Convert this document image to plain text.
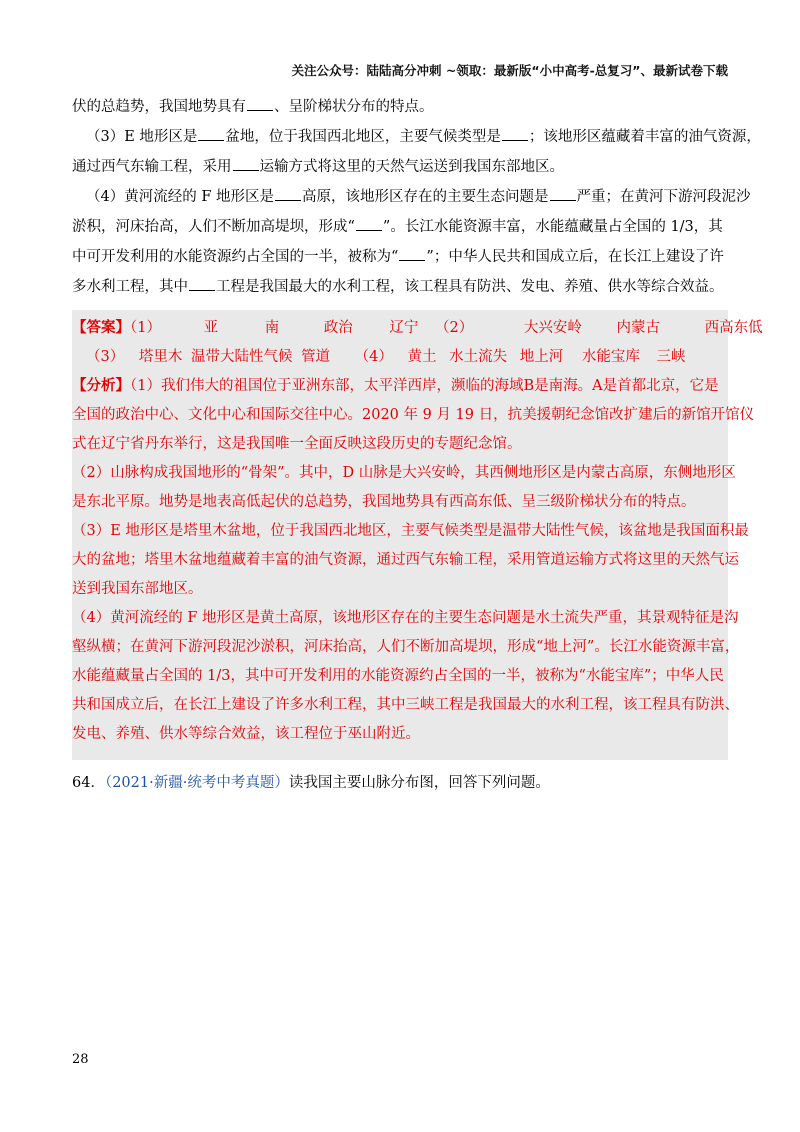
关注公众号：陆陆高分冲刺 ~领取：最新版“小中高考-总复习”、最新试卷下载
伏的总趋势，我国地势具有 、呈阶梯状分布的特点。
（3）E 地形区是 盆地，位于我国西北地区，主要气候类型是 ；该地形区蕴藏着丰富的油气资源，
通过西气东输工程，采用 运输方式将这里的天然气运送到我国东部地区。
（4）黄河流经的 F 地形区是 高原，该地形区存在的主要生态问题是 严重；在黄河下游河段泥沙
淤积，河床抬高，人们不断加高堤坝，形成“ ”。长江水能资源丰富，水能蕴藏量占全国的 1/3，其
中可开发利用的水能资源约占全国的一半，被称为“ ”；中华人民共和国成立后，在长江上建设了许
多水利工程，其中 工程是我国最大的水利工程，该工程具有防洪、发电、养殖、供水等综合效益。
【答案】（1）	亚	南	政治	辽宁 （2）	大兴安岭 内蒙古	西高东低
（3） 塔里木 温带大陆性气候 管道 （4） 黄土 水土流失 地上河 水能宝库 三峡
【分析】（1）我们伟大的祖国位于亚洲东部，太平洋西岸，濒临的海域B是南海。A是首都北京，它是
全国的政治中心、文化中心和国际交往中心。2020 年 9 月 19 日，抗美援朝纪念馆改扩建后的新馆开馆仪
式在辽宁省丹东举行，这是我国唯一全面反映这段历史的专题纪念馆。
（2）山脉构成我国地形的“骨架”。其中，D 山脉是大兴安岭，其西侧地形区是内蒙古高原，东侧地形区
是东北平原。地势是地表高低起伏的总趋势，我国地势具有西高东低、呈三级阶梯状分布的特点。
（3）E 地形区是塔里木盆地，位于我国西北地区，主要气候类型是温带大陆性气候，该盆地是我国面积最
大的盆地；塔里木盆地蕴藏着丰富的油气资源，通过西气东输工程，采用管道运输方式将这里的天然气运
送到我国东部地区。
（4）黄河流经的 F 地形区是黄土高原，该地形区存在的主要生态问题是水土流失严重，其景观特征是沟
壑纵横；在黄河下游河段泥沙淤积，河床抬高，人们不断加高堤坝，形成“地上河”。长江水能资源丰富，
水能蕴藏量占全国的 1/3，其中可开发利用的水能资源约占全国的一半，被称为“水能宝库”；中华人民
共和国成立后，在长江上建设了许多水利工程，其中三峡工程是我国最大的水利工程，该工程具有防洪、
发电、养殖、供水等综合效益，该工程位于巫山附近。
64．（2021·新疆·统考中考真题）读我国主要山脉分布图，回答下列问题。
28
